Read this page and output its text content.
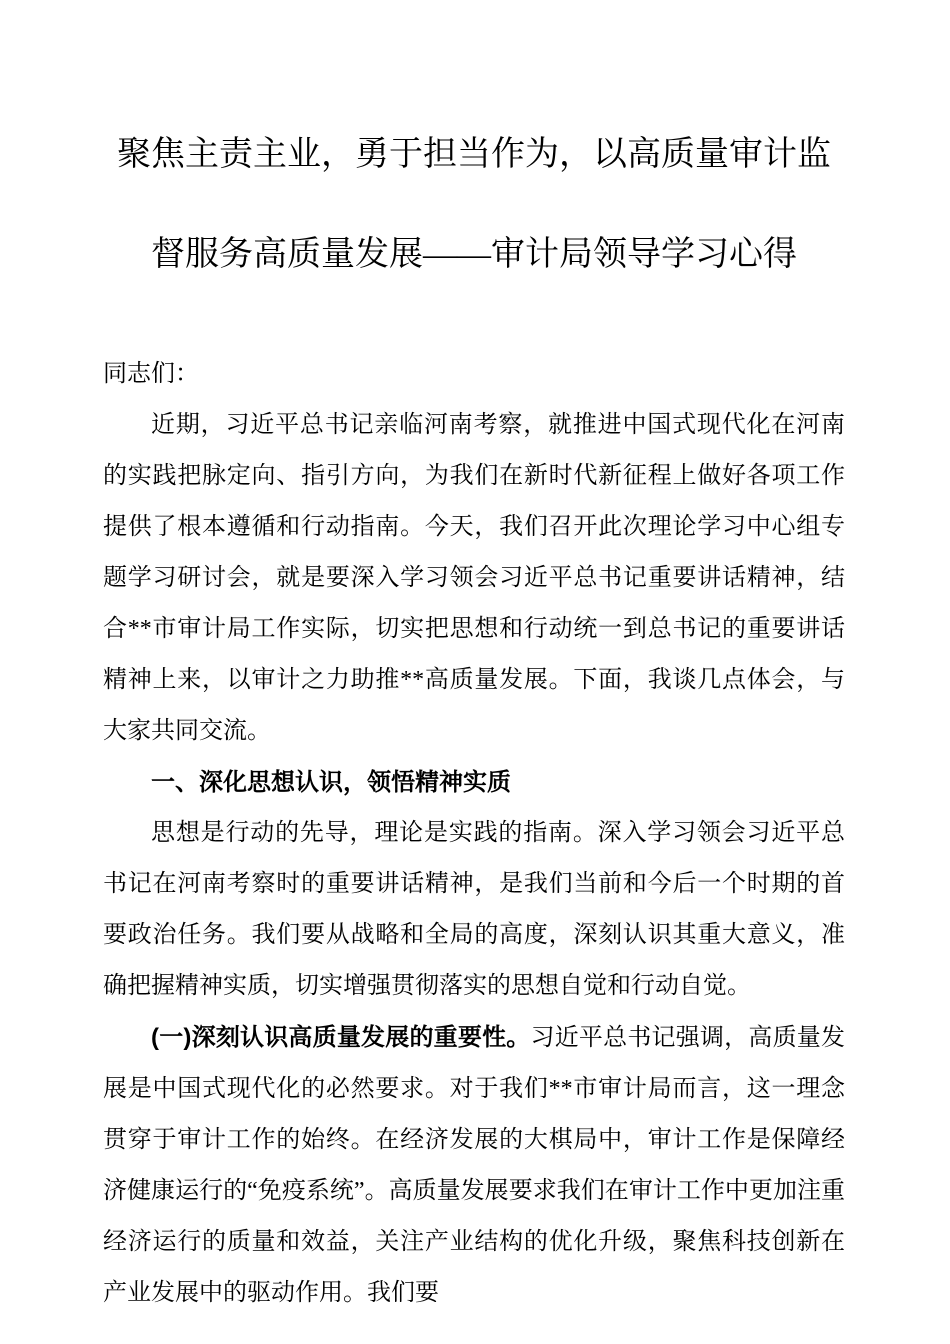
聚焦主责主业，勇于担当作为，以高质量审计监
督服务高质量发展——审计局领导学习心得

同志们：

近期，习近平总书记亲临河南考察，就推进中国式现代化在河南的实践把脉定向、指引方向，为我们在新时代新征程上做好各项工作提供了根本遵循和行动指南。今天，我们召开此次理论学习中心组专题学习研讨会，就是要深入学习领会习近平总书记重要讲话精神，结合**市审计局工作实际，切实把思想和行动统一到总书记的重要讲话精神上来，以审计之力助推**高质量发展。下面，我谈几点体会，与大家共同交流。

一、深化思想认识，领悟精神实质

思想是行动的先导，理论是实践的指南。深入学习领会习近平总书记在河南考察时的重要讲话精神，是我们当前和今后一个时期的首要政治任务。我们要从战略和全局的高度，深刻认识其重大意义，准确把握精神实质，切实增强贯彻落实的思想自觉和行动自觉。

(一)深刻认识高质量发展的重要性。习近平总书记强调，高质量发展是中国式现代化的必然要求。对于我们**市审计局而言，这一理念贯穿于审计工作的始终。在经济发展的大棋局中，审计工作是保障经济健康运行的“免疫系统”。高质量发展要求我们在审计工作中更加注重经济运行的质量和效益，关注产业结构的优化升级，聚焦科技创新在产业发展中的驱动作用。我们要
